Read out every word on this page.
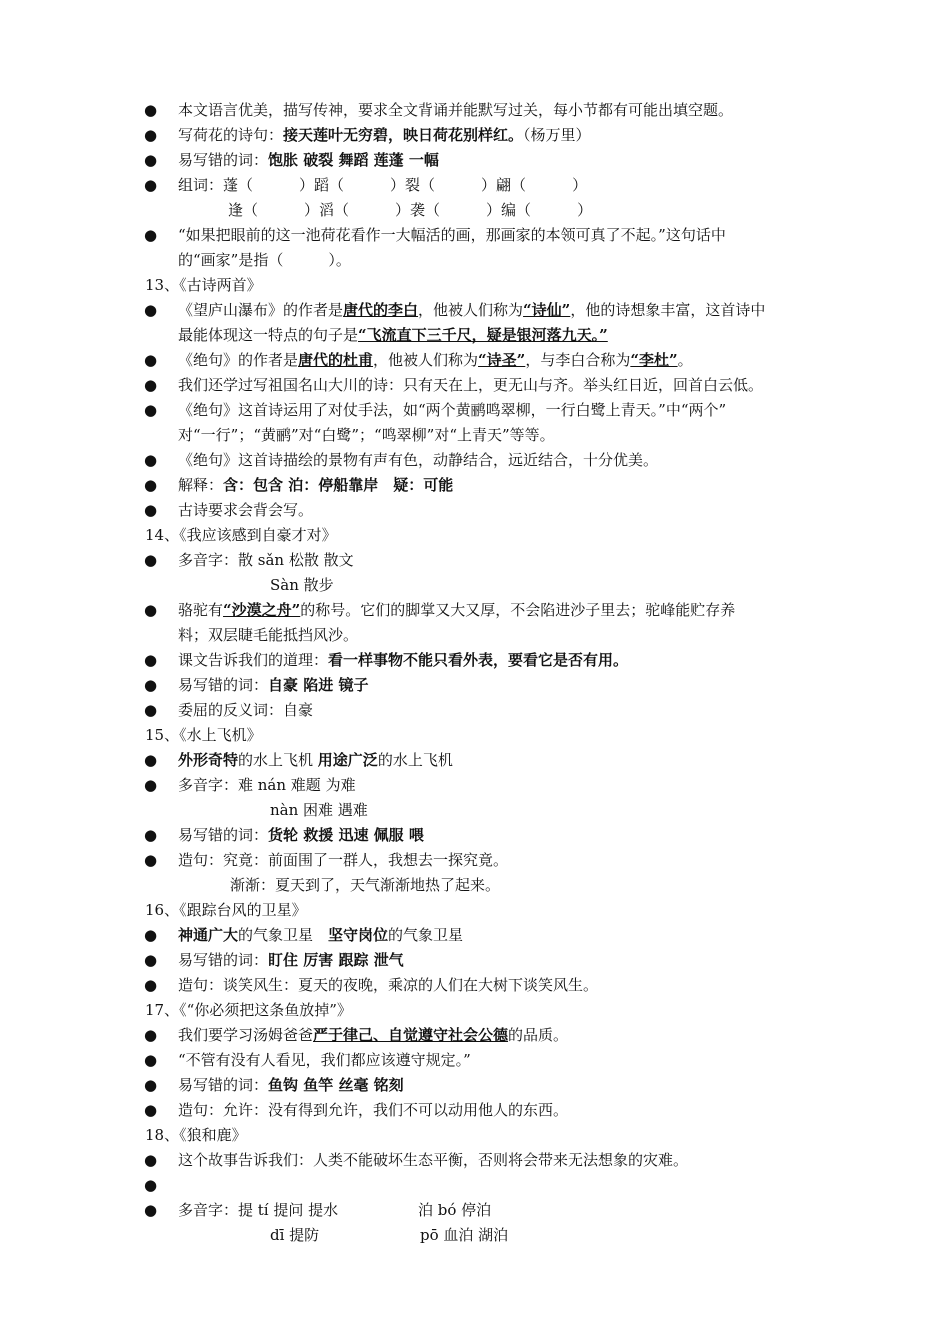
●
本文语言优美，描写传神，要求全文背诵并能默写过关，每小节都有可能出填空题。
●
写荷花的诗句：接天莲叶无穷碧，映日荷花别样红。（杨万里）
●
易写错的词：饱胀 破裂 舞蹈 莲蓬 一幅
●
组词：蓬（	）蹈（	）裂（	）翩（	）
逢（	）滔（	）袭（	）编（	）
●
“如果把眼前的这一池荷花看作一大幅活的画，那画家的本领可真了不起。”这句话中
的“画家”是指（　　　）。
13、《古诗两首》
●
《望庐山瀑布》的作者是唐代的李白，他被人们称为“诗仙”，他的诗想象丰富，这首诗中
最能体现这一特点的句子是“飞流直下三千尺，疑是银河落九天。”
●
《绝句》的作者是唐代的杜甫，他被人们称为“诗圣”，与李白合称为“李杜”。
●
我们还学过写祖国名山大川的诗：只有天在上，更无山与齐。举头红日近，回首白云低。
●
《绝句》这首诗运用了对仗手法，如“两个黄鹂鸣翠柳，一行白鹭上青天。”中“两个”
对“一行”；“黄鹂”对“白鹭”；“鸣翠柳”对“上青天”等等。
●
《绝句》这首诗描绘的景物有声有色，动静结合，远近结合，十分优美。
●
解释：含：包含 泊：停船靠岸　疑：可能
●
古诗要求会背会写。
14、《我应该感到自豪才对》
●
多音字：散 sǎn 松散 散文
Sàn 散步
●
骆驼有“沙漠之舟”的称号。它们的脚掌又大又厚，不会陷进沙子里去；驼峰能贮存养
料；双层睫毛能抵挡风沙。
●
课文告诉我们的道理：看一样事物不能只看外表，要看它是否有用。
●
易写错的词：自豪 陷进 镜子
●
委屈的反义词：自豪
15、《水上飞机》
●
外形奇特的水上飞机 用途广泛的水上飞机
●
多音字：难 nán 难题 为难
nàn 困难 遇难
●
易写错的词：货轮 救援 迅速 佩服 喂
●
造句：究竟：前面围了一群人，我想去一探究竟。
渐渐：夏天到了，天气渐渐地热了起来。
16、《跟踪台风的卫星》
●
神通广大的气象卫星　坚守岗位的气象卫星
●
易写错的词：盯住 厉害 跟踪 泄气
●
造句：谈笑风生：夏天的夜晚，乘凉的人们在大树下谈笑风生。
17、《“你必须把这条鱼放掉”》
●
我们要学习汤姆爸爸严于律己、自觉遵守社会公德的品质。
●
“不管有没有人看见，我们都应该遵守规定。”
●
易写错的词：鱼钩 鱼竿 丝毫 铭刻
●
造句：允许：没有得到允许，我们不可以动用他人的东西。
18、《狼和鹿》
●
这个故事告诉我们：人类不能破坏生态平衡，否则将会带来无法想象的灾难。
●
●
多音字：提 tí 提问 提水	泊 bó 停泊
dī 提防	pō 血泊 湖泊
